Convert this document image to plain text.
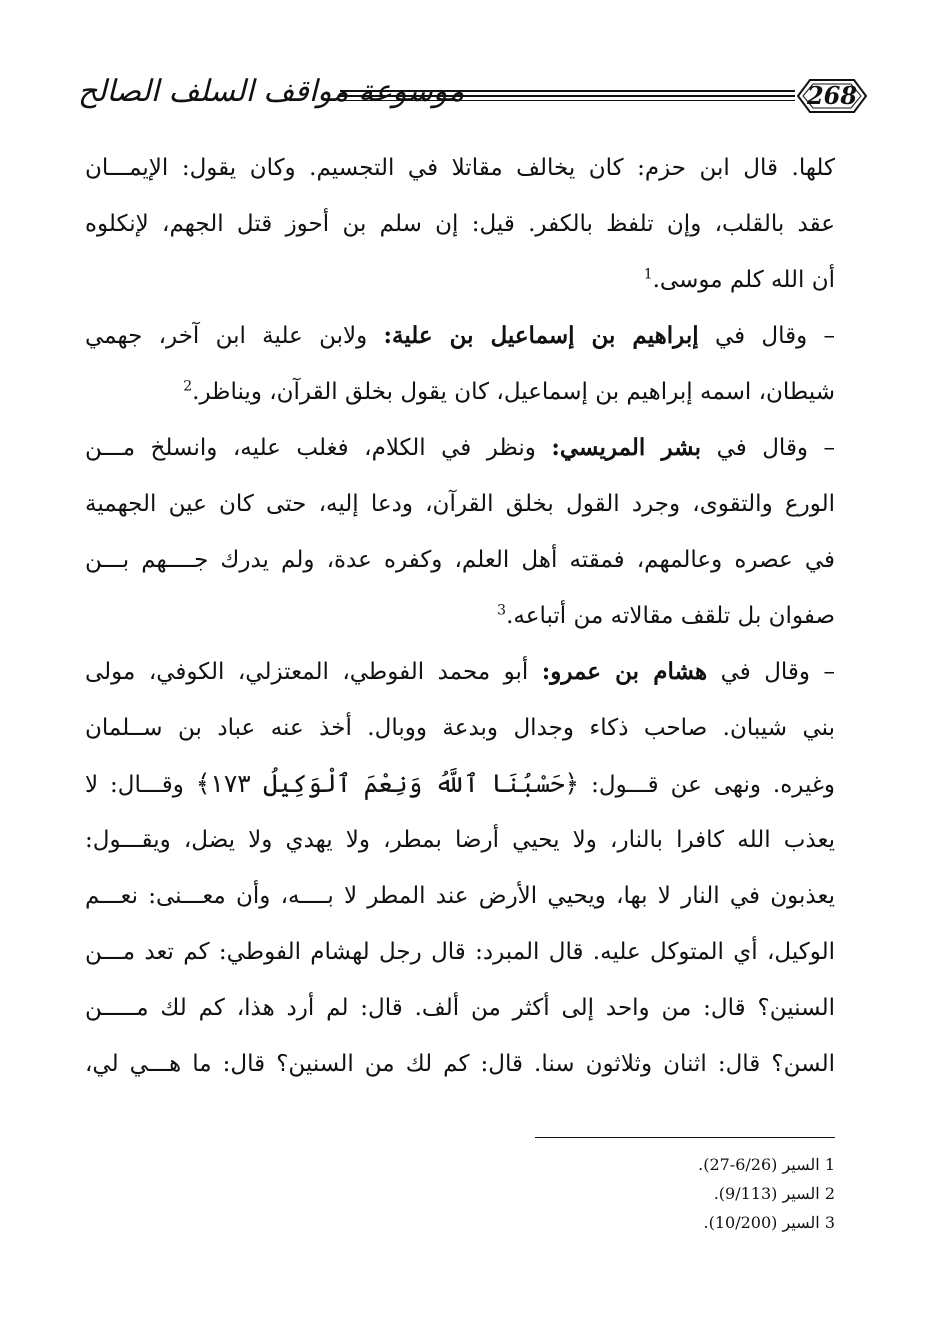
موسوعة مواقف السلف الصالح	268
كلها. قال ابن حزم: كان يخالف مقاتلا في التجسيم. وكان يقول: الإيمـــان
عقد بالقلب، وإن تلفظ بالكفر. قيل: إن سلم بن أحوز قتل الجهم، لإنكلوه
أن الله كلم موسى.$^1$
– وقال في إبراهيم بن إسماعيل بن علية: ولابن علية ابن آخر، جهمي
شيطان، اسمه إبراهيم بن إسماعيل، كان يقول بخلق القرآن، ويناظر.$^2$
– وقال في بشر المريسي: ونظر في الكلام، فغلب عليه، وانسلخ مـــن
الورع والتقوى، وجرد القول بخلق القرآن، ودعا إليه، حتى كان عين الجهمية
في عصره وعالمهم، فمقته أهل العلم، وكفره عدة، ولم يدرك جــــهم بـــن
صفوان بل تلقف مقالاته من أتباعه.$^3$
– وقال في هشام بن عمرو: أبو محمد الفوطي، المعتزلي، الكوفي، مولى
بني شيبان. صاحب ذكاء وجدال وبدعة ووبال. أخذ عنه عباد بن ســلمان
وغيره. ونهى عن قـــول: ﴿حَسْبُنَا ٱللَّهُ وَنِعْمَ ٱلْوَكِيلُ ١٧٣﴾ وقـــال: لا
يعذب الله كافرا بالنار، ولا يحيي أرضا بمطر، ولا يهدي ولا يضل، ويقـــول:
يعذبون في النار لا بها، ويحيي الأرض عند المطر لا بــــه، وأن معـــنى: نعـــم
الوكيل، أي المتوكل عليه. قال المبرد: قال رجل لهشام الفوطي: كم تعد مـــن
السنين؟ قال: من واحد إلى أكثر من ألف. قال: لم أرد هذا، كم لك مـــــن
السن؟ قال: اثنان وثلاثون سنا. قال: كم لك من السنين؟ قال: ما هـــي لي،
1 السير (6/26-27).
2 السير (9/113).
3 السير (10/200).
